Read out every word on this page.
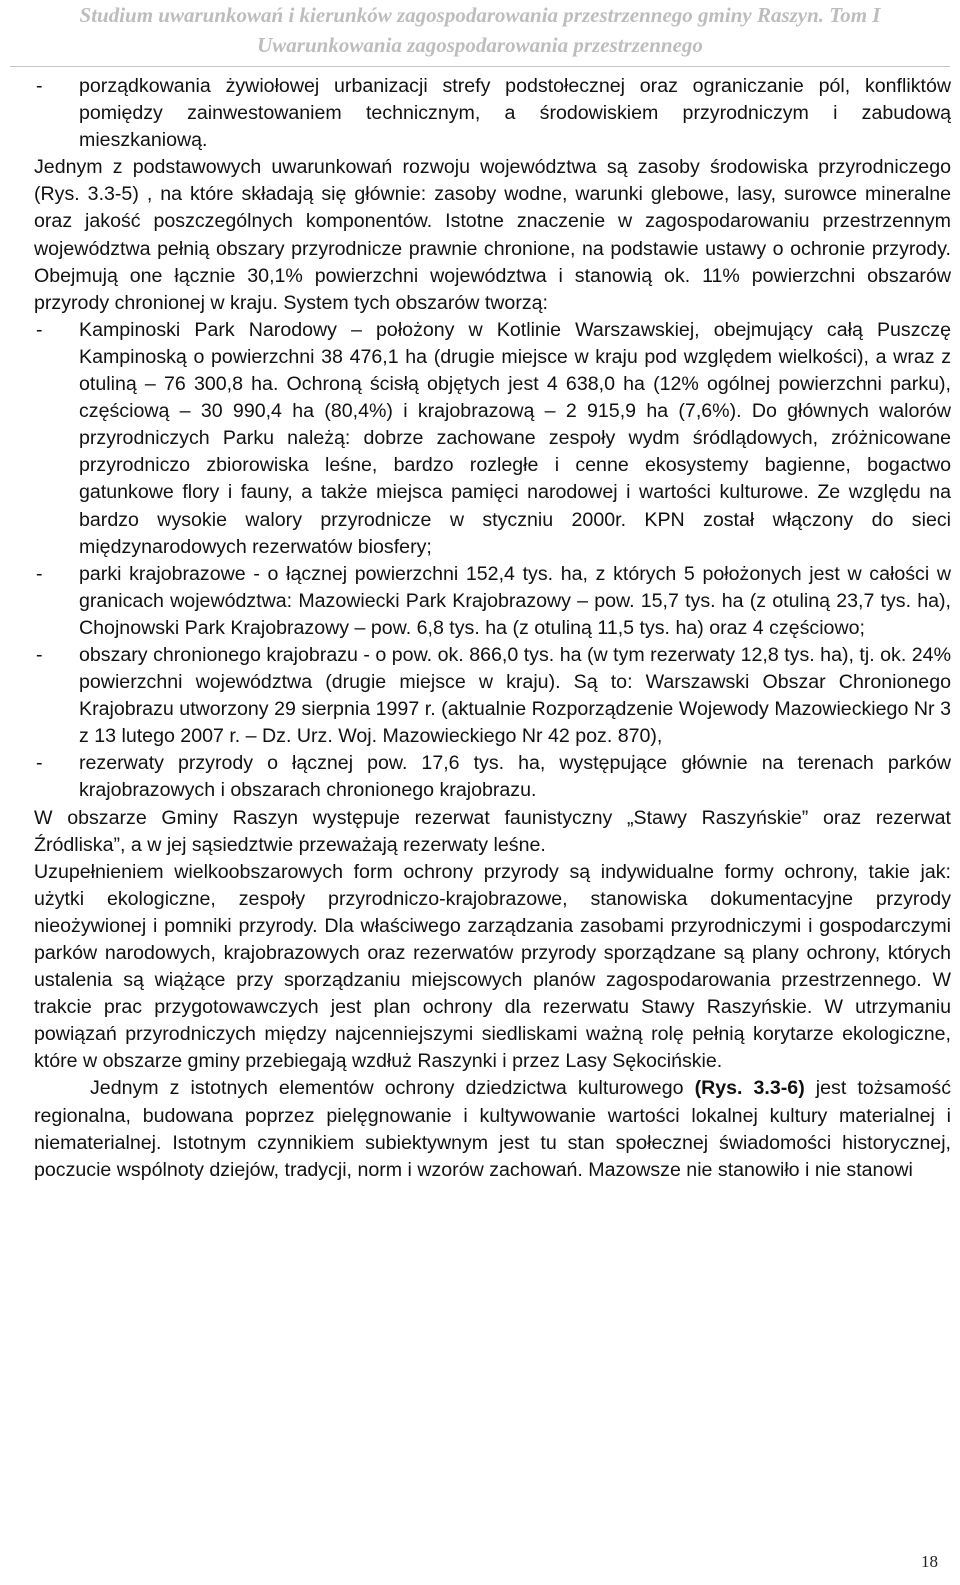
Studium uwarunkowań i kierunków zagospodarowania przestrzennego gminy Raszyn. Tom I
Uwarunkowania zagospodarowania przestrzennego
- porządkowania żywiołowej urbanizacji strefy podstołecznej oraz ograniczanie pól, konfliktów pomiędzy zainwestowaniem technicznym, a środowiskiem przyrodniczym i zabudową mieszkaniową.

Jednym z podstawowych uwarunkowań rozwoju województwa są zasoby środowiska przyrodniczego (Rys. 3.3-5) , na które składają się głównie: zasoby wodne, warunki glebowe, lasy, surowce mineralne oraz jakość poszczególnych komponentów. Istotne znaczenie w zagospodarowaniu przestrzennym województwa pełnią obszary przyrodnicze prawnie chronione, na podstawie ustawy o ochronie przyrody. Obejmują one łącznie 30,1% powierzchni województwa i stanowią ok. 11% powierzchni obszarów przyrody chronionej w kraju. System tych obszarów tworzą:

- Kampinoski Park Narodowy – położony w Kotlinie Warszawskiej, obejmujący całą Puszczę Kampinoską o powierzchni 38 476,1 ha (drugie miejsce w kraju pod względem wielkości), a wraz z otuliną – 76 300,8 ha. Ochroną ścisłą objętych jest 4 638,0 ha (12% ogólnej powierzchni parku), częściową – 30 990,4 ha (80,4%) i krajobrazową – 2 915,9 ha (7,6%). Do głównych walorów przyrodniczych Parku należą: dobrze zachowane zespoły wydm śródlądowych, zróżnicowane przyrodniczo zbiorowiska leśne, bardzo rozległe i cenne ekosystemy bagienne, bogactwo gatunkowe flory i fauny, a także miejsca pamięci narodowej i wartości kulturowe. Ze względu na bardzo wysokie walory przyrodnicze w styczniu 2000r. KPN został włączony do sieci międzynarodowych rezerwatów biosfery;
- parki krajobrazowe - o łącznej powierzchni 152,4 tys. ha, z których 5 położonych jest w całości w granicach województwa: Mazowiecki Park Krajobrazowy – pow. 15,7 tys. ha (z otuliną 23,7 tys. ha), Chojnowski Park Krajobrazowy – pow. 6,8 tys. ha (z otuliną 11,5 tys. ha) oraz 4 częściowo;
- obszary chronionego krajobrazu - o pow. ok. 866,0 tys. ha (w tym rezerwaty 12,8 tys. ha), tj. ok. 24% powierzchni województwa (drugie miejsce w kraju). Są to: Warszawski Obszar Chronionego Krajobrazu utworzony 29 sierpnia 1997 r. (aktualnie Rozporządzenie Wojewody Mazowieckiego Nr 3 z 13 lutego 2007 r. – Dz. Urz. Woj. Mazowieckiego Nr 42 poz. 870),
- rezerwaty przyrody o łącznej pow. 17,6 tys. ha, występujące głównie na terenach parków krajobrazowych i obszarach chronionego krajobrazu.

W obszarze Gminy Raszyn występuje rezerwat faunistyczny „Stawy Raszyńskie” oraz rezerwat Źródliska”, a w jej sąsiedztwie przeważają rezerwaty leśne.

Uzupełnieniem wielkoobszarowych form ochrony przyrody są indywidualne formy ochrony, takie jak: użytki ekologiczne, zespoły przyrodniczo-krajobrazowe, stanowiska dokumentacyjne przyrody nieożywionej i pomniki przyrody. Dla właściwego zarządzania zasobami przyrodniczymi i gospodarczymi parków narodowych, krajobrazowych oraz rezerwatów przyrody sporządzane są plany ochrony, których ustalenia są wiążące przy sporządzaniu miejscowych planów zagospodarowania przestrzennego. W trakcie prac przygotowawczych jest plan ochrony dla rezerwatu Stawy Raszyńskie. W utrzymaniu powiązań przyrodniczych między najcenniejszymi siedliskami ważną rolę pełnią korytarze ekologiczne, które w obszarze gminy przebiegają wzdłuż Raszynki i przez Lasy Sękocińskie.

Jednym z istotnych elementów ochrony dziedzictwa kulturowego (Rys. 3.3-6) jest tożsamość regionalna, budowana poprzez pielęgnowanie i kultywowanie wartości lokalnej kultury materialnej i niematerialnej. Istotnym czynnikiem subiektywnym jest tu stan społecznej świadomości historycznej, poczucie wspólnoty dziejów, tradycji, norm i wzorów zachowań. Mazowsze nie stanowiło i nie stanowi

18
